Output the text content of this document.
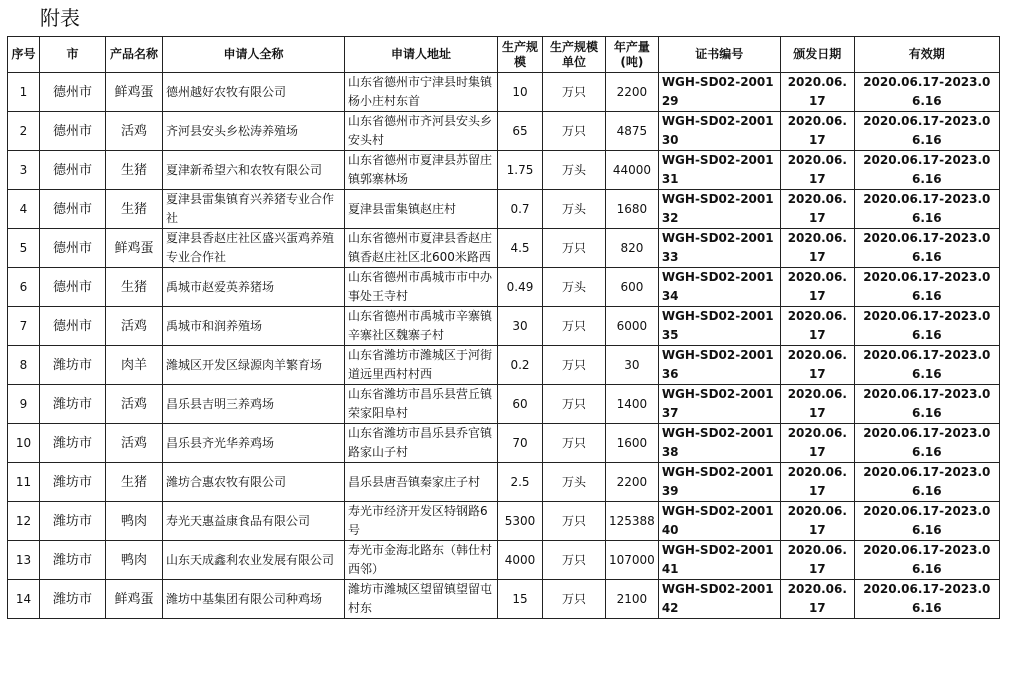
附表
序号	市	产品名称	申请人全称	申请人地址	生产规模	生产规模单位	年产量(吨)	证书编号	颁发日期	有效期
1	德州市	鲜鸡蛋	德州越好农牧有限公司	山东省德州市宁津县时集镇杨小庄村东首	10	万只	2200	WGH-SD02-200129	2020.06.17	2020.06.17-2023.06.16
2	德州市	活鸡	齐河县安头乡松涛养殖场	山东省德州市齐河县安头乡安头村	65	万只	4875	WGH-SD02-200130	2020.06.17	2020.06.17-2023.06.16
3	德州市	生猪	夏津新希望六和农牧有限公司	山东省德州市夏津县苏留庄镇郭寨林场	1.75	万头	44000	WGH-SD02-200131	2020.06.17	2020.06.17-2023.06.16
4	德州市	生猪	夏津县雷集镇育兴养猪专业合作社	夏津县雷集镇赵庄村	0.7	万头	1680	WGH-SD02-200132	2020.06.17	2020.06.17-2023.06.16
5	德州市	鲜鸡蛋	夏津县香赵庄社区盛兴蛋鸡养殖专业合作社	山东省德州市夏津县香赵庄镇香赵庄社区北600米路西	4.5	万只	820	WGH-SD02-200133	2020.06.17	2020.06.17-2023.06.16
6	德州市	生猪	禹城市赵爱英养猪场	山东省德州市禹城市市中办事处王寺村	0.49	万头	600	WGH-SD02-200134	2020.06.17	2020.06.17-2023.06.16
7	德州市	活鸡	禹城市和润养殖场	山东省德州市禹城市辛寨镇辛寨社区魏寨子村	30	万只	6000	WGH-SD02-200135	2020.06.17	2020.06.17-2023.06.16
8	潍坊市	肉羊	潍城区开发区绿源肉羊繁育场	山东省潍坊市潍城区于河街道远里西村村西	0.2	万只	30	WGH-SD02-200136	2020.06.17	2020.06.17-2023.06.16
9	潍坊市	活鸡	昌乐县吉明三养鸡场	山东省潍坊市昌乐县营丘镇荣家阳阜村	60	万只	1400	WGH-SD02-200137	2020.06.17	2020.06.17-2023.06.16
10	潍坊市	活鸡	昌乐县齐光华养鸡场	山东省潍坊市昌乐县乔官镇路家山子村	70	万只	1600	WGH-SD02-200138	2020.06.17	2020.06.17-2023.06.16
11	潍坊市	生猪	潍坊合惠农牧有限公司	昌乐县唐吾镇秦家庄子村	2.5	万头	2200	WGH-SD02-200139	2020.06.17	2020.06.17-2023.06.16
12	潍坊市	鸭肉	寿光天惠益康食品有限公司	寿光市经济开发区特钢路6号	5300	万只	125388	WGH-SD02-200140	2020.06.17	2020.06.17-2023.06.16
13	潍坊市	鸭肉	山东天成鑫利农业发展有限公司	寿光市金海北路东（韩仕村西邻）	4000	万只	107000	WGH-SD02-200141	2020.06.17	2020.06.17-2023.06.16
14	潍坊市	鲜鸡蛋	潍坊中基集团有限公司种鸡场	潍坊市潍城区望留镇望留屯村东	15	万只	2100	WGH-SD02-200142	2020.06.17	2020.06.17-2023.06.16
